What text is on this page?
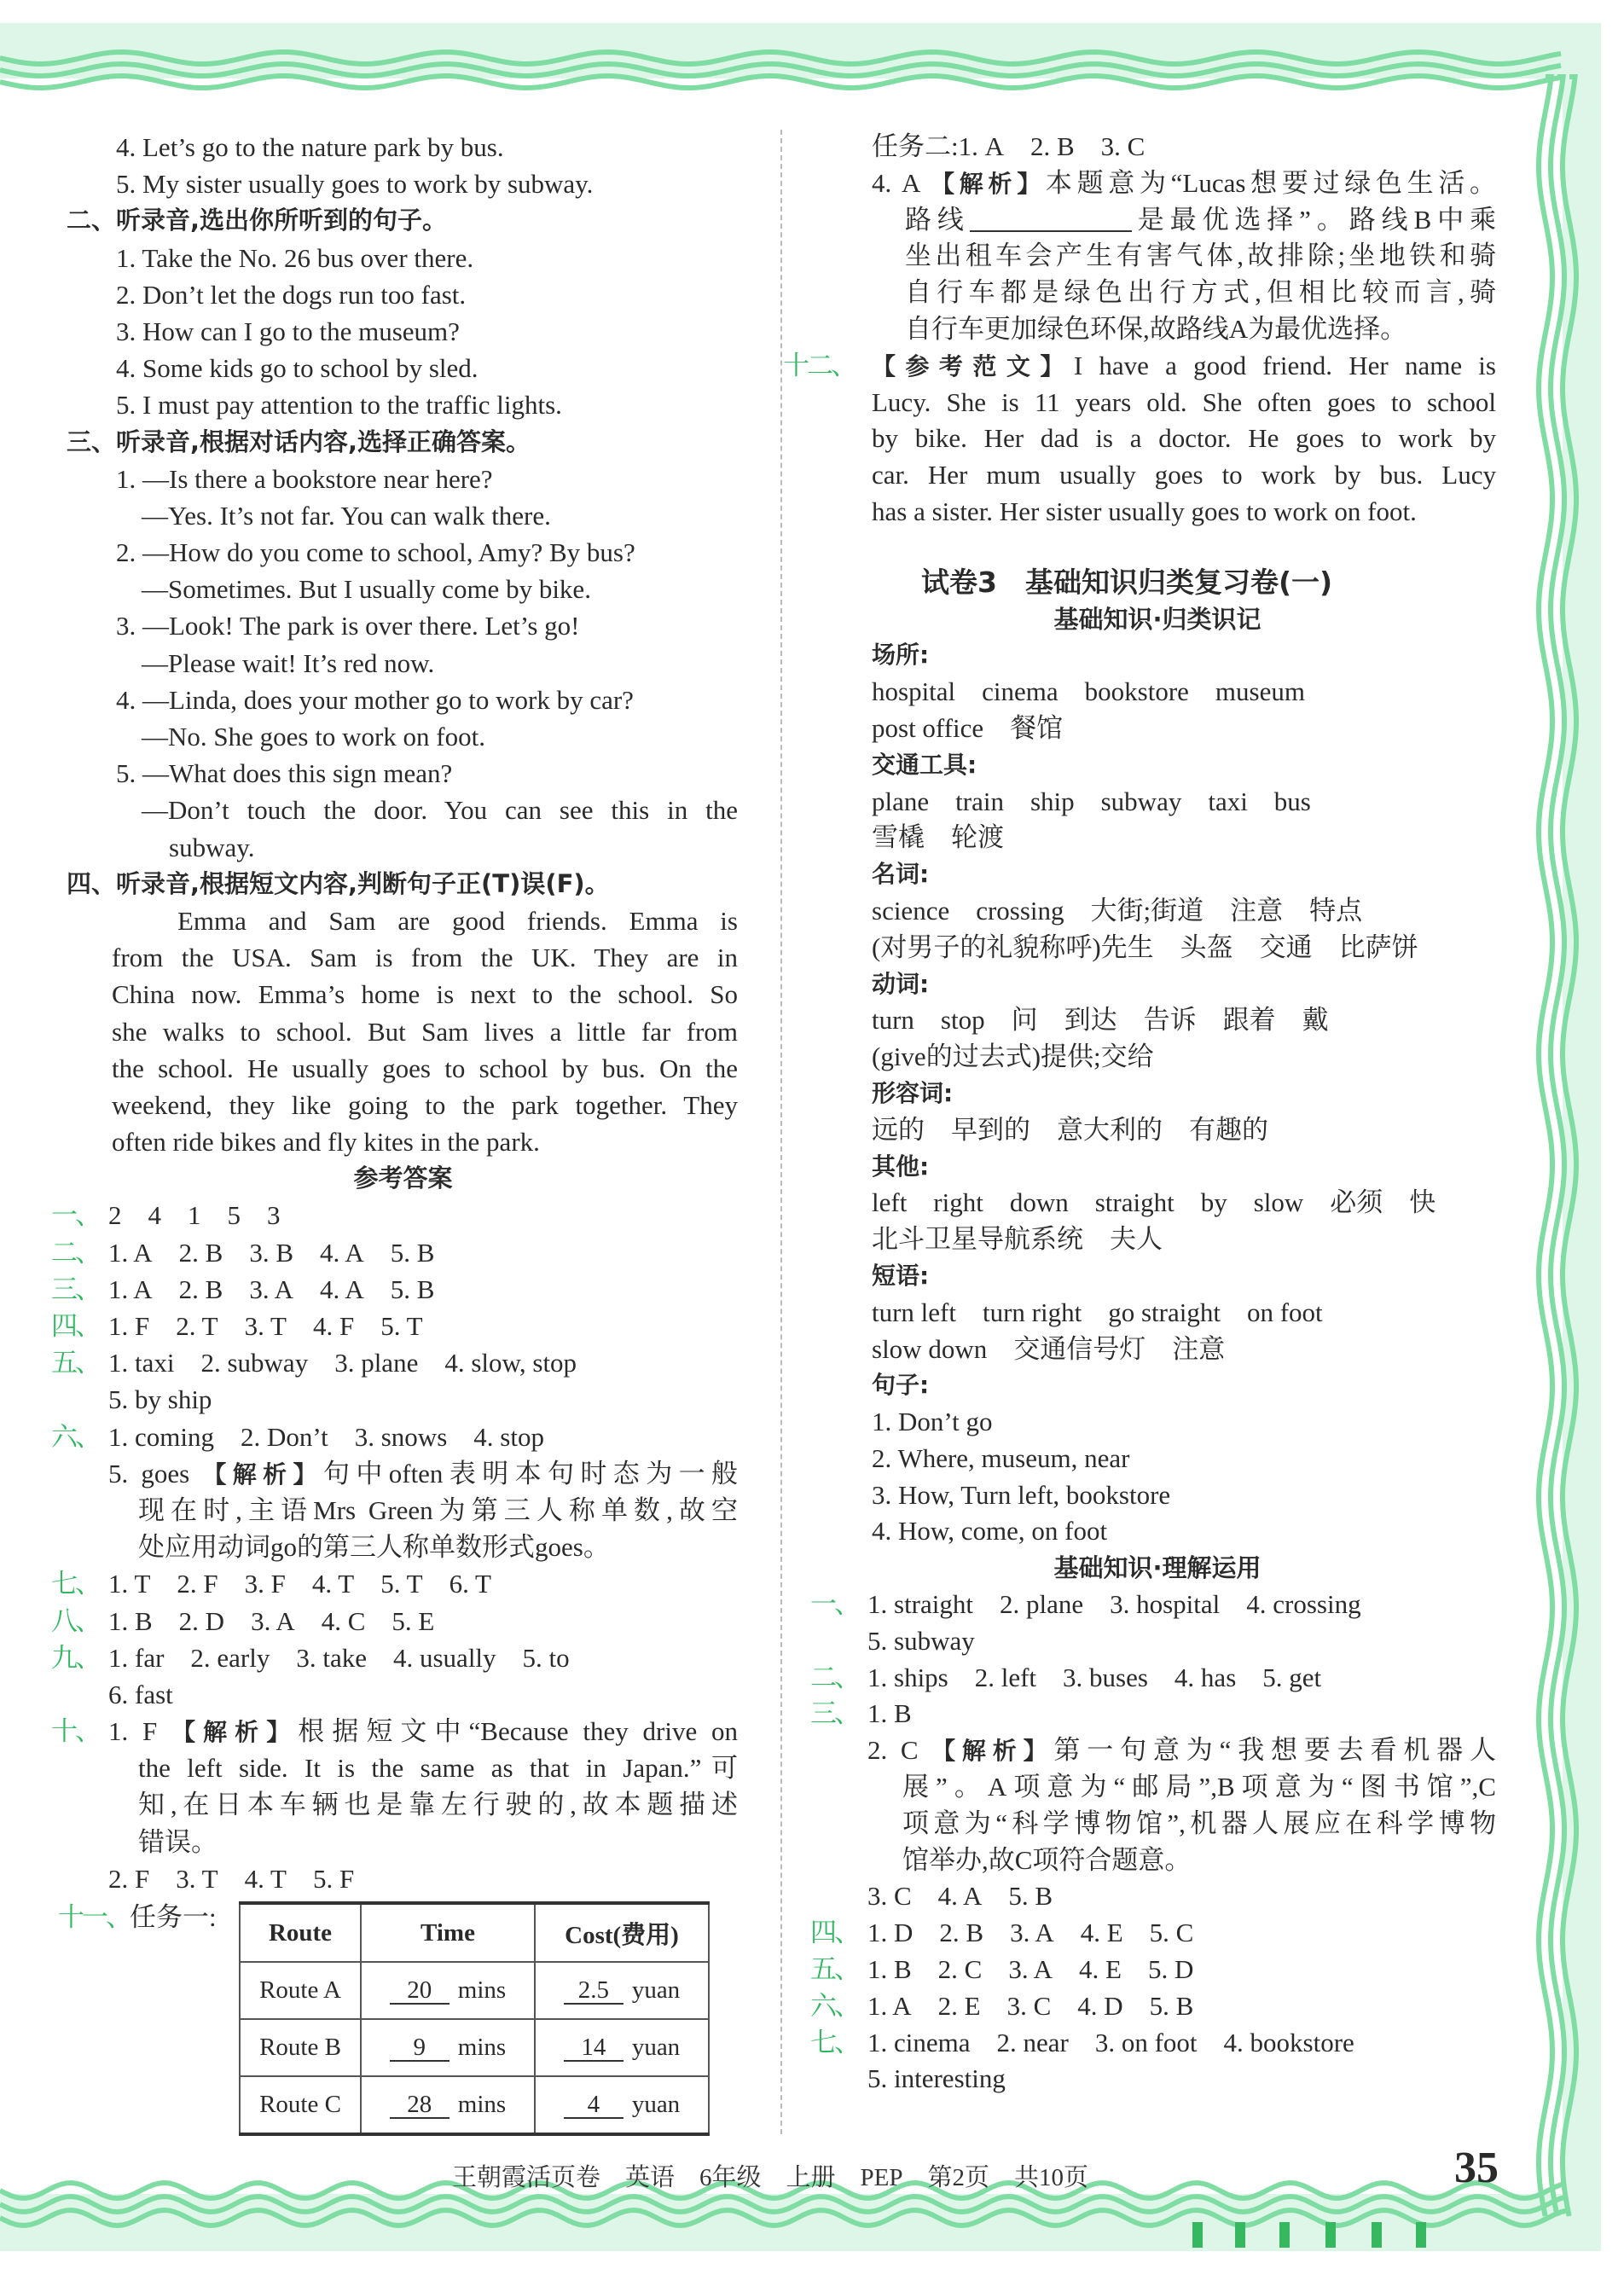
4. Let’s go to the nature park by bus.
5. My sister usually goes to work by subway.
二、听录音,选出你所听到的句子。
1. Take the No. 26 bus over there.
2. Don’t let the dogs run too fast.
3. How can I go to the museum?
4. Some kids go to school by sled.
5. I must pay attention to the traffic lights.
三、听录音,根据对话内容,选择正确答案。
1. —Is there a bookstore near here?
—Yes. It’s not far. You can walk there.
2. —How do you come to school, Amy? By bus?
—Sometimes. But I usually come by bike.
3. —Look! The park is over there. Let’s go!
—Please wait! It’s red now.
4. —Linda, does your mother go to work by car?
—No. She goes to work on foot.
5. —What does this sign mean?
—Don’t touch the door. You can see this in the
subway.
四、听录音,根据短文内容,判断句子正(T)误(F)。
Emma and Sam are good friends. Emma is
from the USA. Sam is from the UK. They are in
China now. Emma’s home is next to the school. So
she walks to school. But Sam lives a little far from
the school. He usually goes to school by bus. On the
weekend, they like going to the park together. They
often ride bikes and fly kites in the park.
参考答案
一、 2  4  1  5  3
二、 1. A  2. B  3. B  4. A  5. B
三、 1. A  2. B  3. A  4. A  5. B
四、 1. F  2. T  3. T  4. F  5. T
五、 1. taxi  2. subway  3. plane  4. slow, stop
5. by ship
六、 1. coming  2. Don’t  3. snows  4. stop
5. goes 【解析】句中often表明本句时态为一般
现在时,主语Mrs Green为第三人称单数,故空
处应用动词go的第三人称单数形式goes。
七、 1. T  2. F  3. F  4. T  5. T  6. T
八、 1. B  2. D  3. A  4. C  5. E
九、 1. far  2. early  3. take  4. usually  5. to
6. fast
十、 1. F 【解析】根据短文中“Because they drive on
the left side. It is the same as that in Japan.”可
知,在日本车辆也是靠左行驶的,故本题描述
错误。
2. F  3. T  4. T  5. F
任务二:1. A  2. B  3. C
4. A 【解析】本题意为“Lucas想要过绿色生活。
路线	是最优选择”。路线B中乘
坐出租车会产生有害气体,故排除;坐地铁和骑
自行车都是绿色出行方式,但相比较而言,骑
自行车更加绿色环保,故路线A为最优选择。
十二、 【参考范文】I have a good friend. Her name is
Lucy. She is 11 years old. She often goes to school
by bike. Her dad is a doctor. He goes to work by
car. Her mum usually goes to work by bus. Lucy
has a sister. Her sister usually goes to work on foot.
试卷3 基础知识归类复习卷(一)
基础知识·归类识记
场所:
hospital  cinema  bookstore  museum
post office  餐馆
交通工具:
plane  train  ship  subway  taxi  bus
雪橇  轮渡
名词:
science  crossing  大街;街道  注意  特点
(对男子的礼貌称呼)先生  头盔  交通  比萨饼
动词:
turn  stop  问  到达  告诉  跟着  戴
(give的过去式)提供;交给
形容词:
远的  早到的  意大利的  有趣的
其他:
left  right  down  straight  by  slow  必须  快
北斗卫星导航系统  夫人
短语:
turn left  turn right  go straight  on foot
slow down  交通信号灯  注意
句子:
1. Don’t go
2. Where, museum, near
3. How, Turn left, bookstore
4. How, come, on foot
基础知识·理解运用
一、 1. straight  2. plane  3. hospital  4. crossing
5. subway
二、 1. ships  2. left  3. buses  4. has  5. get
三、 1. B
2. C 【解析】第一句意为“我想要去看机器人
展”。A项意为“邮局”,B项意为“图书馆”,C
项意为“科学博物馆”,机器人展应在科学博物
馆举办,故C项符合题意。
3. C  4. A  5. B
四、 1. D  2. B  3. A  4. E  5. C
五、 1. B  2. C  3. A  4. E  5. D
六、 1. A  2. E  3. C  4. D  5. B
七、 1. cinema  2. near  3. on foot  4. bookstore
5. interesting
十一、任务一:
Route	Time	Cost(费用)
Route A	20 mins	2.5 yuan
Route B	9 mins	14 yuan
Route C	28 mins	4 yuan
王朝霞活页卷  英语  6年级  上册  PEP  第2页  共10页	35
